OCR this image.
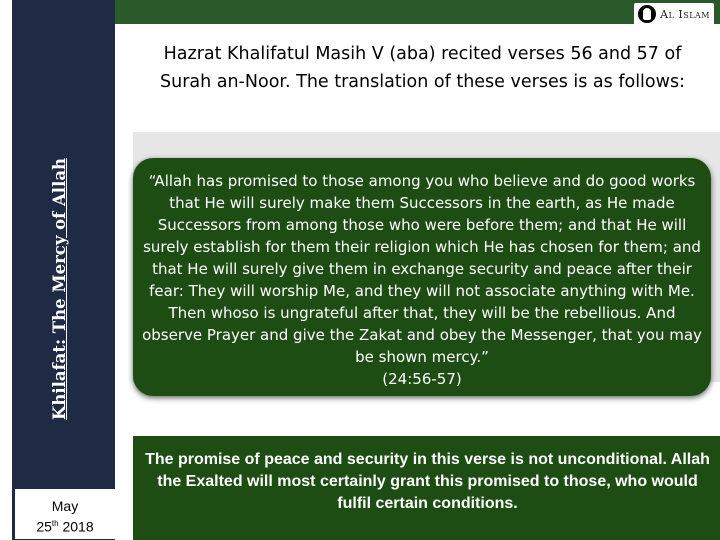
Khilafat: The Mercy of Allah
May
25th 2018
Al Islam
Hazrat Khalifatul Masih V (aba) recited verses 56 and 57 of Surah an-Noor. The translation of these verses is as follows:
“Allah has promised to those among you who believe and do good works that He will surely make them Successors in the earth, as He made Successors from among those who were before them; and that He will surely establish for them their religion which He has chosen for them; and that He will surely give them in exchange security and peace after their fear: They will worship Me, and they will not associate anything with Me. Then whoso is ungrateful after that, they will be the rebellious. And observe Prayer and give the Zakat and obey the Messenger, that you may be shown mercy.”
(24:56-57)
The promise of peace and security in this verse is not unconditional. Allah the Exalted will most certainly grant this promised to those, who would fulfil certain conditions.
